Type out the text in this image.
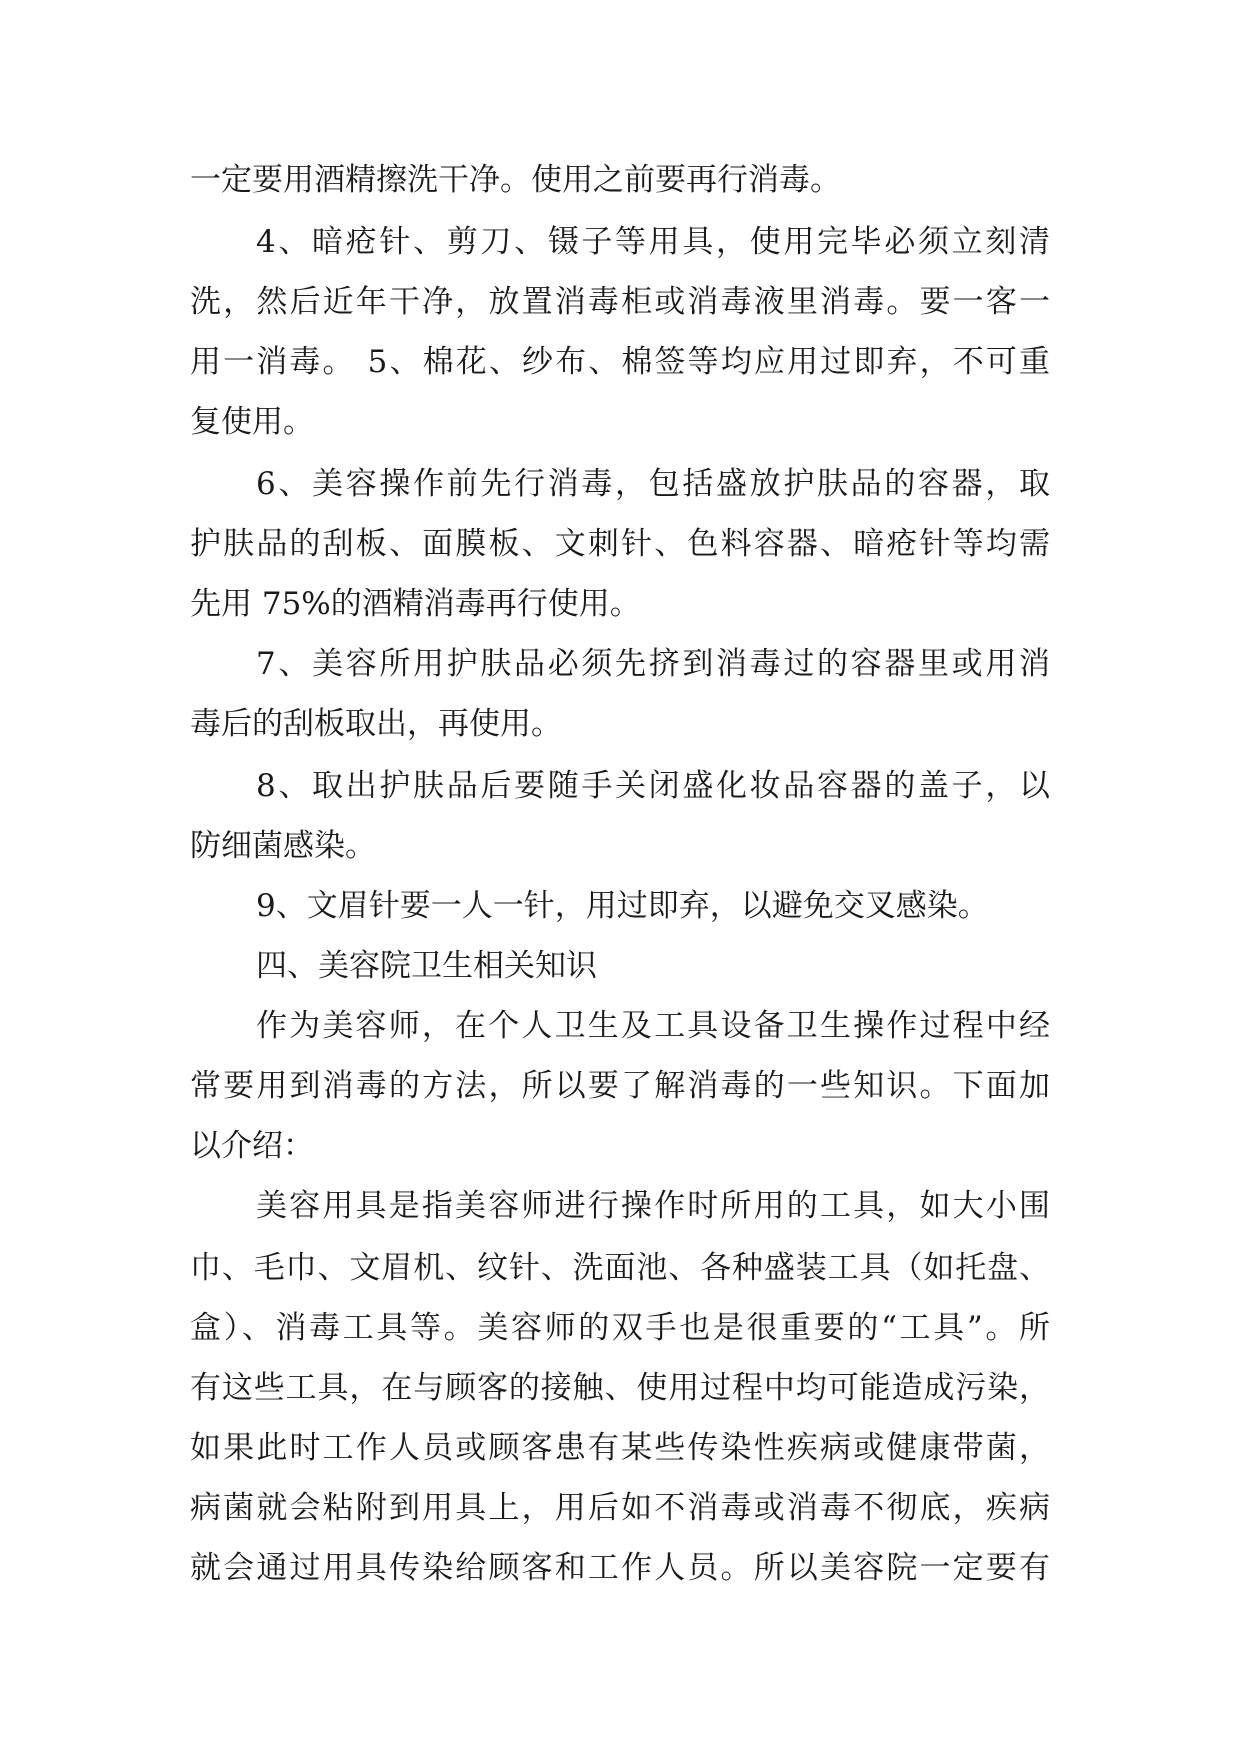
一定要用酒精擦洗干净。使用之前要再行消毒。

4、暗疮针、剪刀、镊子等用具，使用完毕必须立刻清

洗，然后近年干净，放置消毒柜或消毒液里消毒。要一客一

用一消毒。 5、棉花、纱布、棉签等均应用过即弃，不可重

复使用。

6、美容操作前先行消毒，包括盛放护肤品的容器，取

护肤品的刮板、面膜板、文刺针、色料容器、暗疮针等均需

先用 75%的酒精消毒再行使用。

7、美容所用护肤品必须先挤到消毒过的容器里或用消

毒后的刮板取出，再使用。

8、取出护肤品后要随手关闭盛化妆品容器的盖子，以

防细菌感染。

9、文眉针要一人一针，用过即弃，以避免交叉感染。

四、美容院卫生相关知识

作为美容师，在个人卫生及工具设备卫生操作过程中经

常要用到消毒的方法，所以要了解消毒的一些知识。下面加

以介绍：

美容用具是指美容师进行操作时所用的工具，如大小围

巾、毛巾、文眉机、纹针、洗面池、各种盛装工具（如托盘、

盒）、消毒工具等。美容师的双手也是很重要的“工具”。所

有这些工具，在与顾客的接触、使用过程中均可能造成污染，

如果此时工作人员或顾客患有某些传染性疾病或健康带菌，

病菌就会粘附到用具上，用后如不消毒或消毒不彻底，疾病

就会通过用具传染给顾客和工作人员。所以美容院一定要有
